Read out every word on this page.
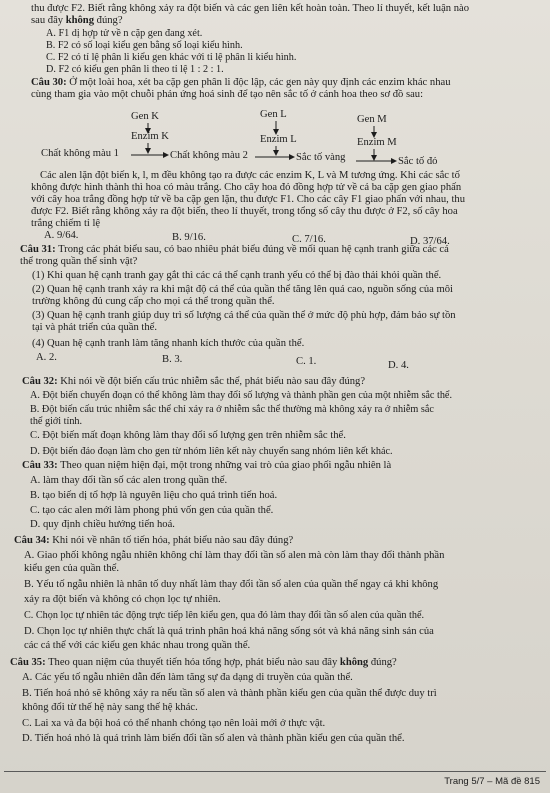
thu được F2. Biết rằng không xảy ra đột biến và các gen liên kết hoàn toàn. Theo lí thuyết, kết luận nào
sau đây không đúng?
A. F1 dị hợp tử về n cặp gen đang xét.
B. F2 có số loại kiểu gen bằng số loại kiểu hình.
C. F2 có tỉ lệ phân li kiểu gen khác với tỉ lệ phân li kiểu hình.
D. F2 có kiểu gen phân li theo tỉ lệ 1 : 2 : 1.
Câu 30: Ở một loài hoa, xét ba cặp gen phân li độc lập, các gen này quy định các enzim khác nhau
cùng tham gia vào một chuỗi phản ứng hoá sinh để tạo nên sắc tố ở cánh hoa theo sơ đồ sau:
Gen K
Enzim K
Gen L
Enzim L
Gen M
Enzim M
Chất không màu 1	Chất không màu 2	Sắc tố vàng	Sắc tố đỏ
Các alen lặn đột biến k, l, m đều không tạo ra được các enzim K, L và M tương ứng. Khi các sắc tố
không được hình thành thì hoa có màu trắng. Cho cây hoa đỏ đồng hợp tử về cả ba cặp gen giao phấn
với cây hoa trắng đồng hợp tử về ba cặp gen lặn, thu được F1. Cho các cây F1 giao phấn với nhau, thu
được F2. Biết rằng không xảy ra đột biến, theo lí thuyết, trong tổng số cây thu được ở F2, số cây hoa
trắng chiếm tỉ lệ
A. 9/64.	B. 9/16.	C. 7/16.	D. 37/64.
Câu 31: Trong các phát biểu sau, có bao nhiêu phát biểu đúng về mối quan hệ cạnh tranh giữa các cá
thể trong quần thể sinh vật?
(1) Khi quan hệ cạnh tranh gay gắt thì các cá thể cạnh tranh yếu có thể bị đào thải khỏi quần thể.
(2) Quan hệ cạnh tranh xảy ra khi mật độ cá thể của quần thể tăng lên quá cao, nguồn sống của môi
trường không đủ cung cấp cho mọi cá thể trong quần thể.
(3) Quan hệ cạnh tranh giúp duy trì số lượng cá thể của quần thể ở mức độ phù hợp, đảm bảo sự tồn
tại và phát triển của quần thể.
(4) Quan hệ cạnh tranh làm tăng nhanh kích thước của quần thể.
A. 2.	B. 3.	C. 1.	D. 4.
Câu 32: Khi nói về đột biến cấu trúc nhiễm sắc thể, phát biểu nào sau đây đúng?
A. Đột biến chuyển đoạn có thể không làm thay đổi số lượng và thành phần gen của một nhiễm sắc thể.
B. Đột biến cấu trúc nhiễm sắc thể chỉ xảy ra ở nhiễm sắc thể thường mà không xảy ra ở nhiễm sắc
thể giới tính.
C. Đột biến mất đoạn không làm thay đổi số lượng gen trên nhiễm sắc thể.
D. Đột biến đảo đoạn làm cho gen từ nhóm liên kết này chuyển sang nhóm liên kết khác.
Câu 33: Theo quan niệm hiện đại, một trong những vai trò của giao phối ngẫu nhiên là
A. làm thay đổi tần số các alen trong quần thể.
B. tạo biến dị tổ hợp là nguyên liệu cho quá trình tiến hoá.
C. tạo các alen mới làm phong phú vốn gen của quần thể.
D. quy định chiều hướng tiến hoá.
Câu 34: Khi nói về nhân tố tiến hóa, phát biểu nào sau đây đúng?
A. Giao phối không ngẫu nhiên không chỉ làm thay đổi tần số alen mà còn làm thay đổi thành phần
kiểu gen của quần thể.
B. Yếu tố ngẫu nhiên là nhân tố duy nhất làm thay đổi tần số alen của quần thể ngay cả khi không
xảy ra đột biến và không có chọn lọc tự nhiên.
C. Chọn lọc tự nhiên tác động trực tiếp lên kiểu gen, qua đó làm thay đổi tần số alen của quần thể.
D. Chọn lọc tự nhiên thực chất là quá trình phân hoá khả năng sống sót và khả năng sinh sản của
các cá thể với các kiểu gen khác nhau trong quần thể.
Câu 35: Theo quan niệm của thuyết tiến hóa tổng hợp, phát biểu nào sau đây không đúng?
A. Các yếu tố ngẫu nhiên dẫn đến làm tăng sự đa dạng di truyền của quần thể.
B. Tiến hoá nhỏ sẽ không xảy ra nếu tần số alen và thành phần kiểu gen của quần thể được duy trì
không đổi từ thế hệ này sang thế hệ khác.
C. Lai xa và đa bội hoá có thể nhanh chóng tạo nên loài mới ở thực vật.
D. Tiến hoá nhỏ là quá trình làm biến đổi tần số alen và thành phần kiểu gen của quần thể.
Trang 5/7 – Mã đề 815
